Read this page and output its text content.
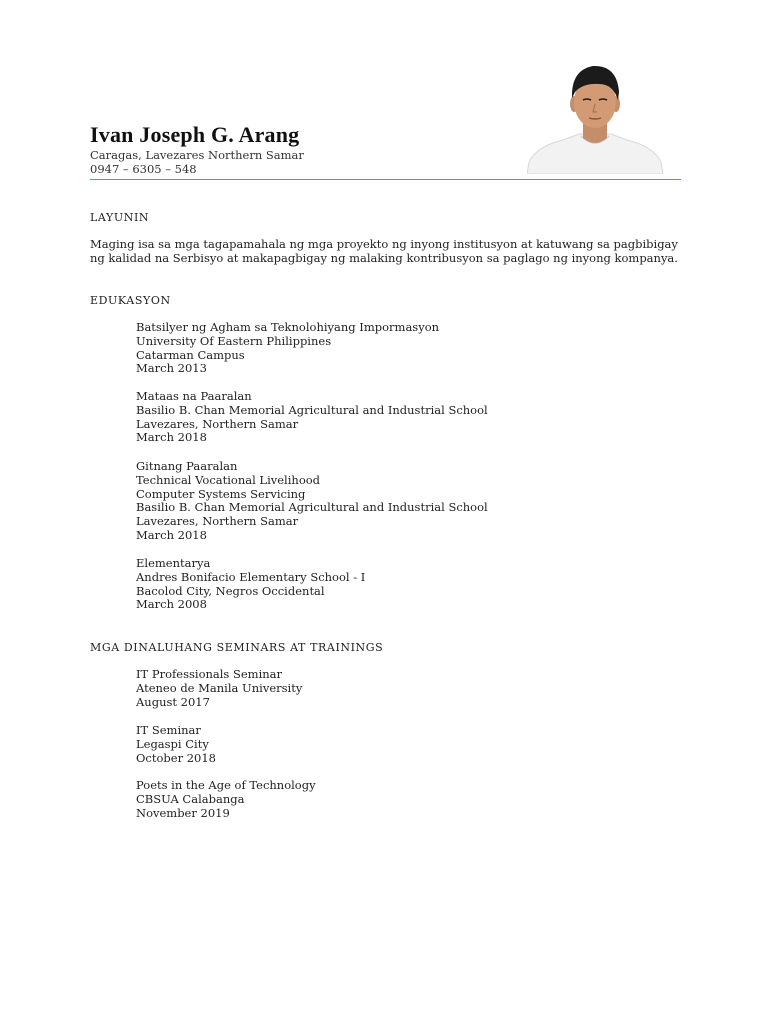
Ivan Joseph G. Arang
Caragas, Lavezares Northern Samar
0947 – 6305 – 548
LAYUNIN
Maging isa sa mga tagapamahala ng mga proyekto ng inyong institusyon at katuwang sa pagbibigay ng kalidad na Serbisyo at makapagbigay ng malaking kontribusyon sa paglago ng inyong kompanya.
EDUKASYON
Batsilyer ng Agham sa Teknolohiyang Impormasyon
University Of Eastern Philippines
Catarman Campus
March 2013
Mataas na Paaralan
Basilio B. Chan Memorial Agricultural and Industrial School
Lavezares, Northern Samar
March 2018
Gitnang Paaralan
Technical Vocational Livelihood
Computer Systems Servicing
Basilio B. Chan Memorial Agricultural and Industrial School
Lavezares, Northern Samar
March 2018
Elementarya
Andres Bonifacio Elementary School - I
Bacolod City, Negros Occidental
March 2008
MGA DINALUHANG SEMINARS AT TRAININGS
IT Professionals Seminar
Ateneo de Manila University
August 2017
IT Seminar
Legaspi City
October 2018
Poets in the Age of Technology
CBSUA Calabanga
November 2019
